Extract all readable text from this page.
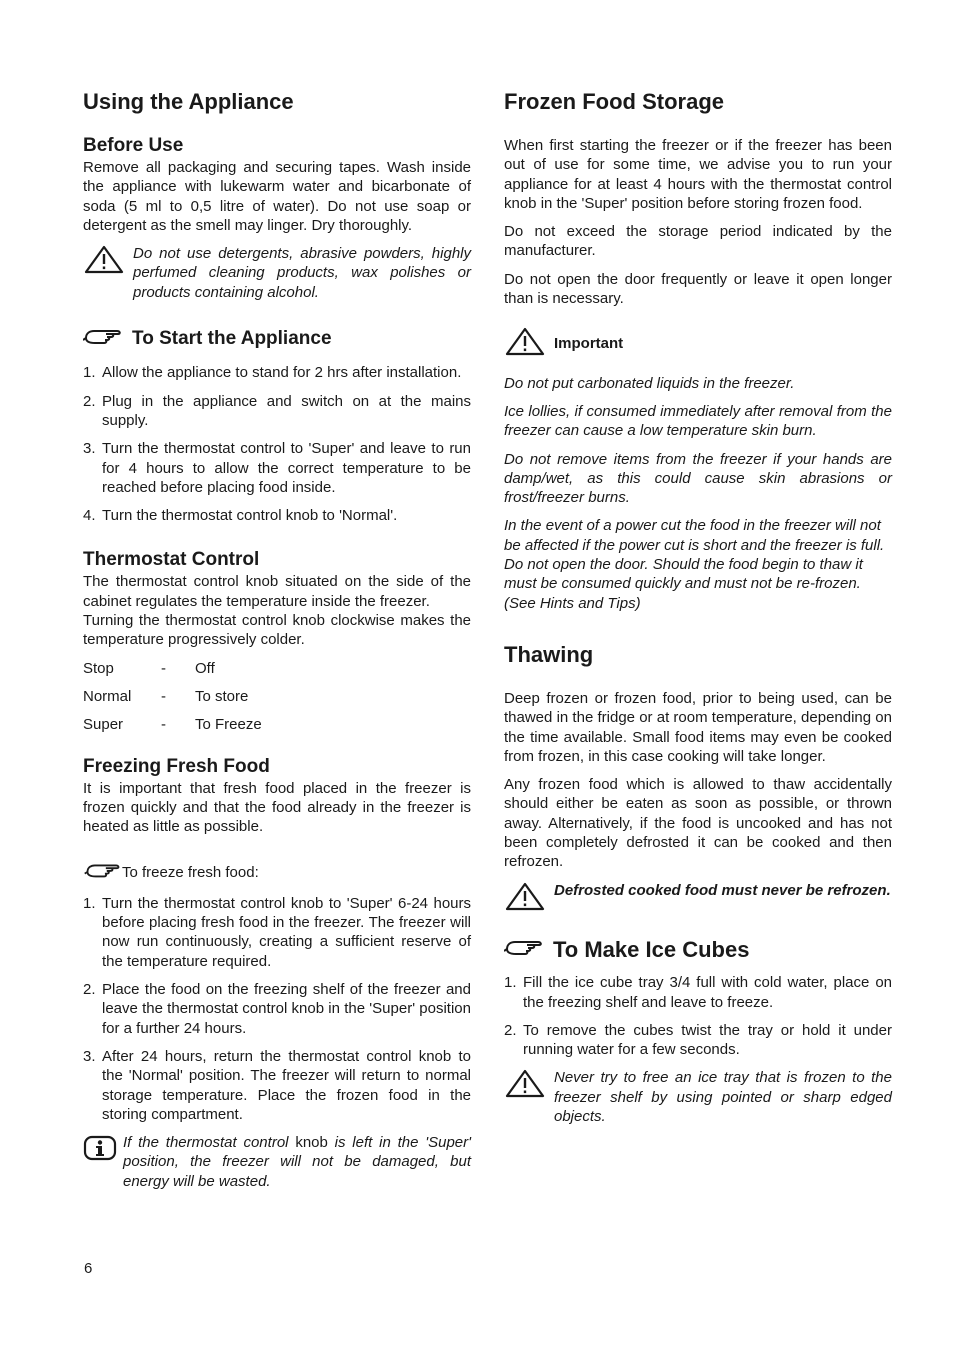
Using the Appliance
Before Use

Remove all packaging and securing tapes. Wash inside the appliance with lukewarm water and bicarbonate of soda (5 ml to 0,5 litre of water). Do not use soap or detergent as the smell may linger. Dry thoroughly.

Do not use detergents, abrasive powders, highly perfumed cleaning products, wax polishes or products containing alcohol.
To Start the Appliance
1. Allow the appliance to stand for 2 hrs after installation.
2. Plug in the appliance and switch on at the mains supply.
3. Turn the thermostat control to 'Super' and leave to run for 4 hours to allow the correct temperature to be reached before placing food inside.
4. Turn the thermostat control knob to 'Normal'.
Thermostat Control

The thermostat control knob situated on the side of the cabinet regulates the temperature inside the freezer.

Turning the thermostat control knob clockwise makes the temperature progressively colder.

Stop	-	Off
Normal	-	To store
Super	-	To Freeze
Freezing Fresh Food

It is important that fresh food placed in the freezer is frozen quickly and that the food already in the freezer is heated as little as possible.

To freeze fresh food:
1. Turn the thermostat control knob to 'Super' 6-24 hours before placing fresh food in the freezer. The freezer will now run continuously, creating a sufficient reserve of the temperature required.
2. Place the food on the freezing shelf of the freezer and leave the thermostat control knob in the 'Super' position for a further 24 hours.
3. After 24 hours, return the thermostat control knob to the 'Normal' position. The freezer will return to normal storage temperature. Place the frozen food in the storing compartment.
If the thermostat control knob is left in the 'Super' position, the freezer will not be damaged, but energy will be wasted.
Frozen Food Storage

When first starting the freezer or if the freezer has been out of use for some time, we advise you to run your appliance for at least 4 hours with the thermostat control knob in the 'Super' position before storing frozen food.

Do not exceed the storage period indicated by the manufacturer.

Do not open the door frequently or leave it open longer than is necessary.

Important

Do not put carbonated liquids in the freezer.

Ice lollies, if consumed immediately after removal from the freezer can cause a low temperature skin burn.

Do not remove items from the freezer if your hands are damp/wet, as this could cause skin abrasions or frost/freezer burns.

In the event of a power cut the food in the freezer will not be affected if the power cut is short and the freezer is full. Do not open the door. Should the food begin to thaw it must be consumed quickly and must not be re-frozen. (See Hints and Tips)

Thawing

Deep frozen or frozen food, prior to being used, can be thawed in the fridge or at room temperature, depending on the time available. Small food items may even be cooked from frozen, in this case cooking will take longer.

Any frozen food which is allowed to thaw accidentally should either be eaten as soon as possible, or thrown away. Alternatively, if the food is uncooked and has not been completely defrosted it can be cooked and then refrozen.

Defrosted cooked food must never be refrozen.
To Make Ice Cubes
1. Fill the ice cube tray 3/4 full with cold water, place on the freezing shelf and leave to freeze.
2. To remove the cubes twist the tray or hold it under running water for a few seconds.
Never try to free an ice tray that is frozen to the freezer shelf by using pointed or sharp edged objects.
6
